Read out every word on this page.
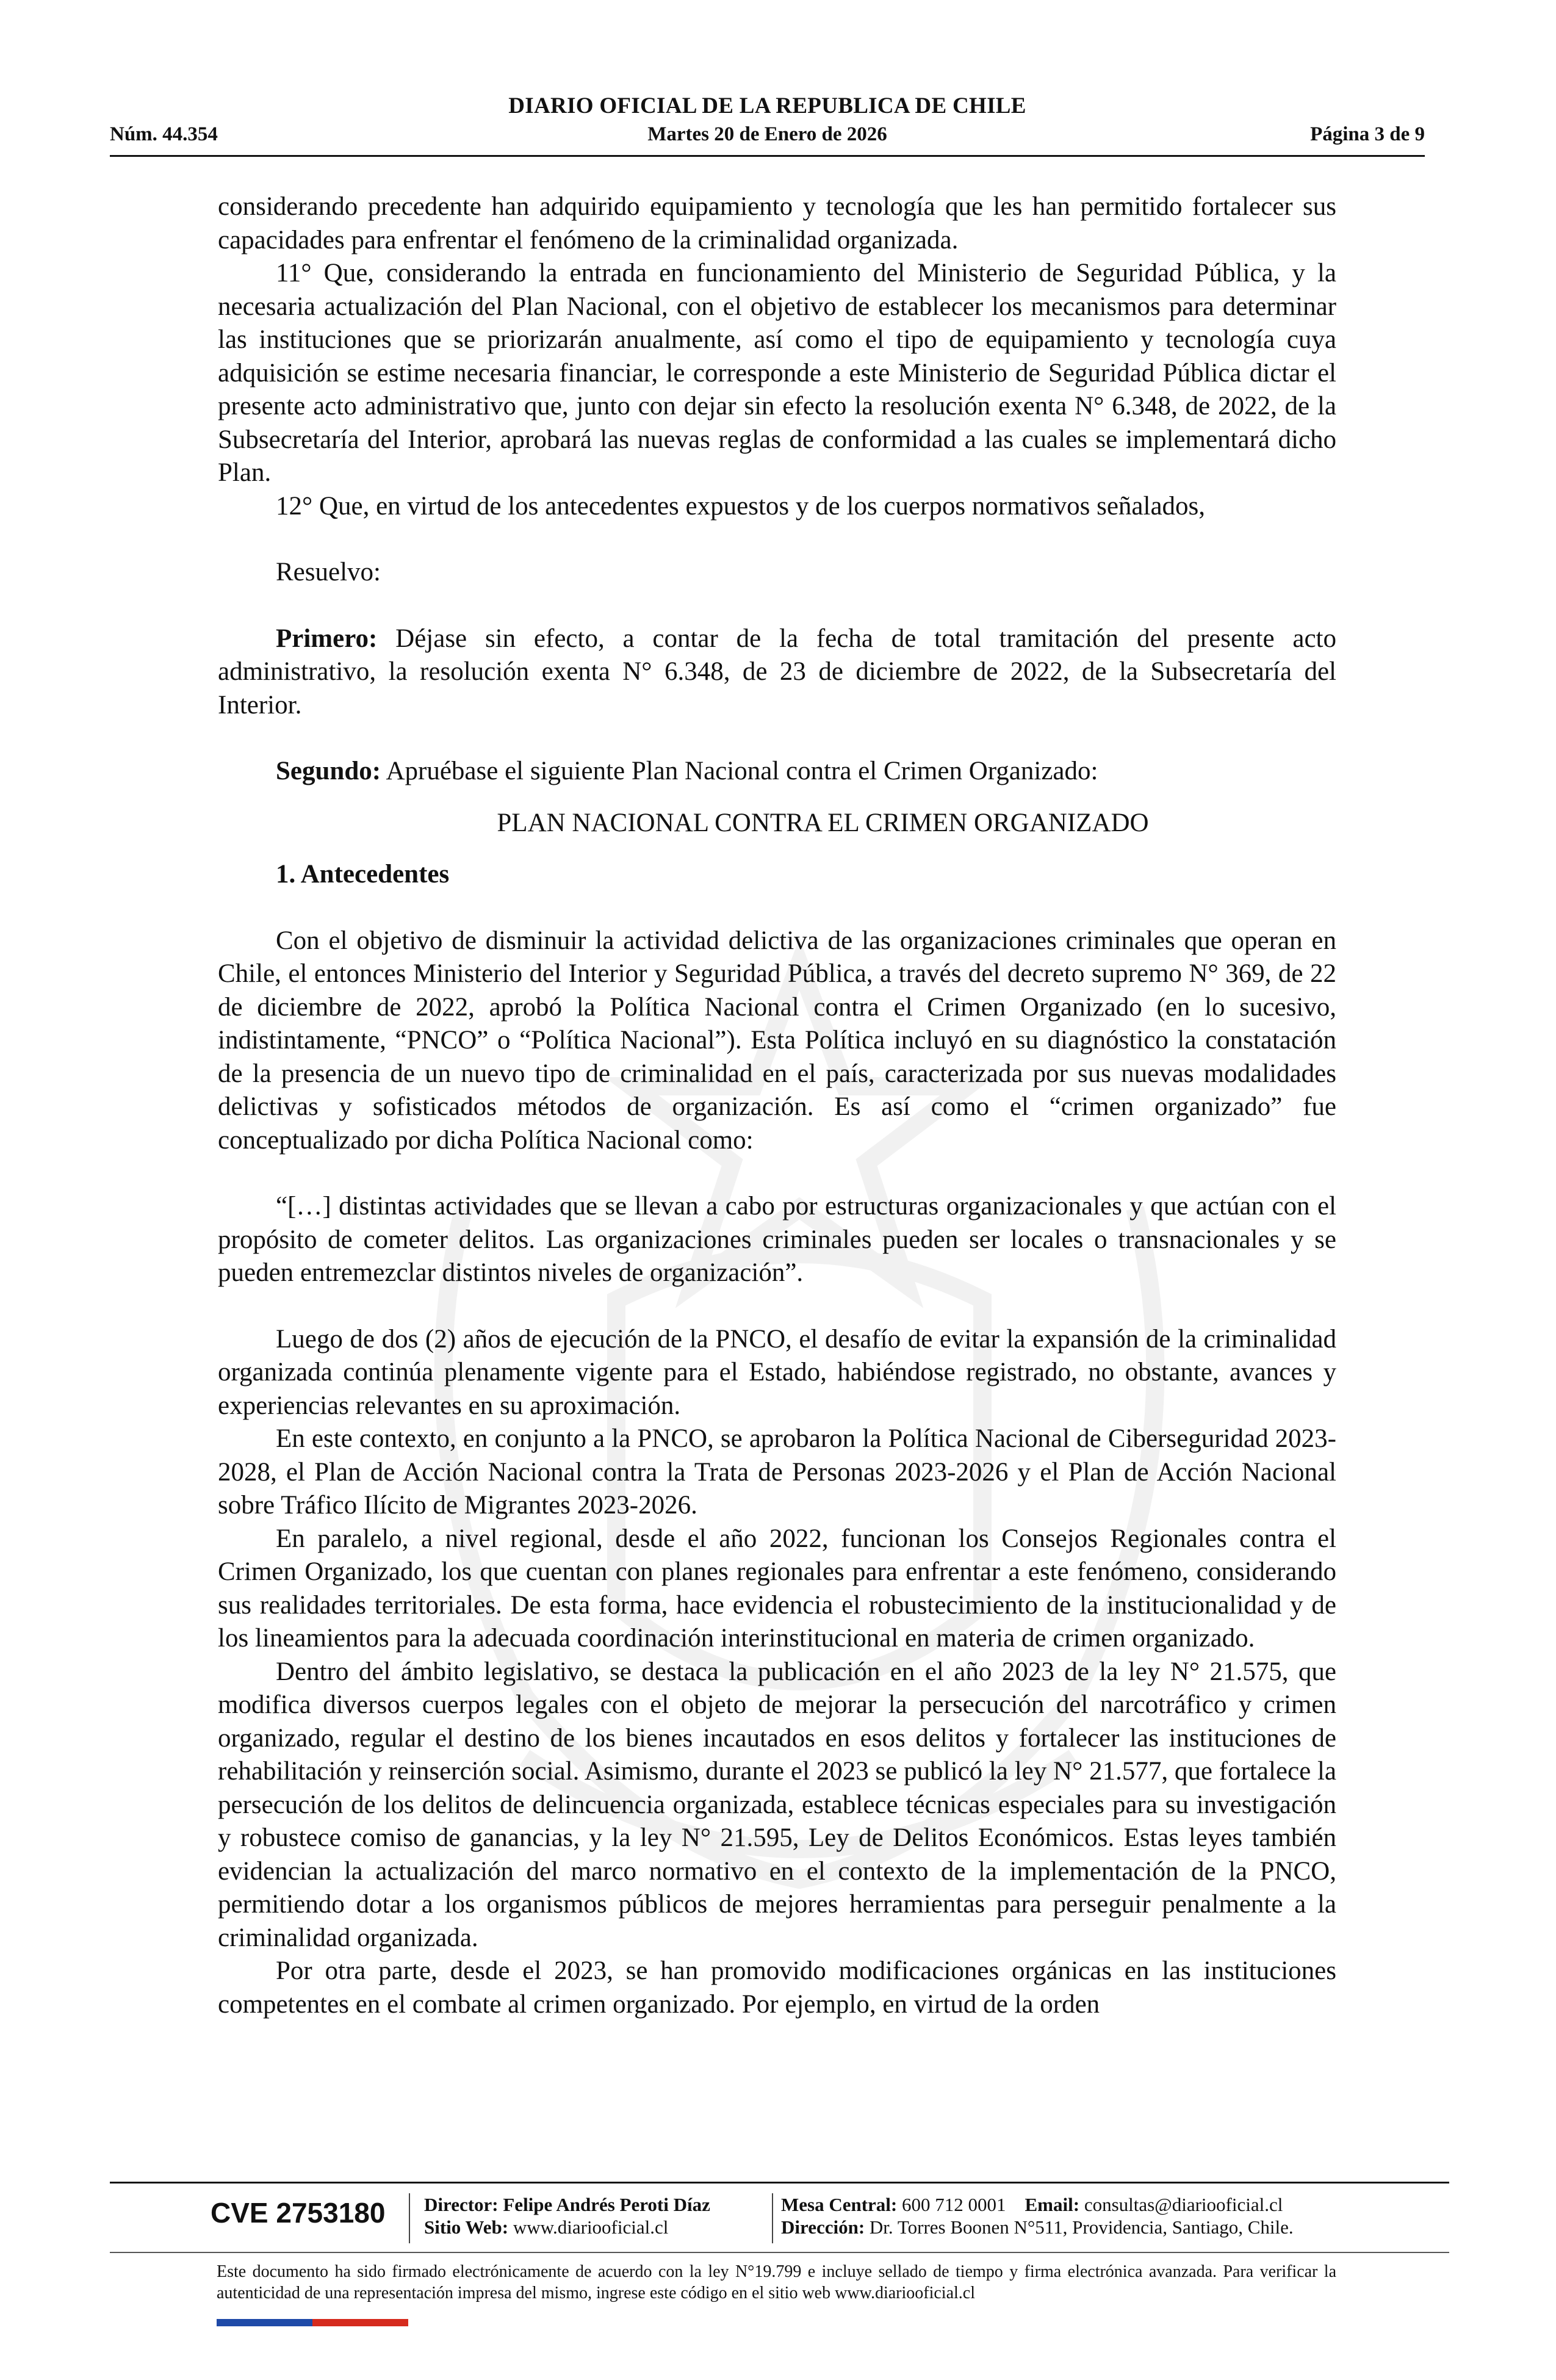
DIARIO OFICIAL DE LA REPUBLICA DE CHILE
Núm. 44.354	Martes 20 de Enero de 2026	Página 3 de 9

considerando precedente han adquirido equipamiento y tecnología que les han permitido fortalecer sus capacidades para enfrentar el fenómeno de la criminalidad organizada.

11° Que, considerando la entrada en funcionamiento del Ministerio de Seguridad Pública, y la necesaria actualización del Plan Nacional, con el objetivo de establecer los mecanismos para determinar las instituciones que se priorizarán anualmente, así como el tipo de equipamiento y tecnología cuya adquisición se estime necesaria financiar, le corresponde a este Ministerio de Seguridad Pública dictar el presente acto administrativo que, junto con dejar sin efecto la resolución exenta N° 6.348, de 2022, de la Subsecretaría del Interior, aprobará las nuevas reglas de conformidad a las cuales se implementará dicho Plan.

12° Que, en virtud de los antecedentes expuestos y de los cuerpos normativos señalados,

Resuelvo:

Primero: Déjase sin efecto, a contar de la fecha de total tramitación del presente acto administrativo, la resolución exenta N° 6.348, de 23 de diciembre de 2022, de la Subsecretaría del Interior.

Segundo: Apruébase el siguiente Plan Nacional contra el Crimen Organizado:

PLAN NACIONAL CONTRA EL CRIMEN ORGANIZADO

1. Antecedentes

Con el objetivo de disminuir la actividad delictiva de las organizaciones criminales que operan en Chile, el entonces Ministerio del Interior y Seguridad Pública, a través del decreto supremo N° 369, de 22 de diciembre de 2022, aprobó la Política Nacional contra el Crimen Organizado (en lo sucesivo, indistintamente, “PNCO” o “Política Nacional”). Esta Política incluyó en su diagnóstico la constatación de la presencia de un nuevo tipo de criminalidad en el país, caracterizada por sus nuevas modalidades delictivas y sofisticados métodos de organización. Es así como el “crimen organizado” fue conceptualizado por dicha Política Nacional como:

“[…] distintas actividades que se llevan a cabo por estructuras organizacionales y que actúan con el propósito de cometer delitos. Las organizaciones criminales pueden ser locales o transnacionales y se pueden entremezclar distintos niveles de organización”.

Luego de dos (2) años de ejecución de la PNCO, el desafío de evitar la expansión de la criminalidad organizada continúa plenamente vigente para el Estado, habiéndose registrado, no obstante, avances y experiencias relevantes en su aproximación.

En este contexto, en conjunto a la PNCO, se aprobaron la Política Nacional de Ciberseguridad 2023-2028, el Plan de Acción Nacional contra la Trata de Personas 2023-2026 y el Plan de Acción Nacional sobre Tráfico Ilícito de Migrantes 2023-2026.

En paralelo, a nivel regional, desde el año 2022, funcionan los Consejos Regionales contra el Crimen Organizado, los que cuentan con planes regionales para enfrentar a este fenómeno, considerando sus realidades territoriales. De esta forma, hace evidencia el robustecimiento de la institucionalidad y de los lineamientos para la adecuada coordinación interinstitucional en materia de crimen organizado.

Dentro del ámbito legislativo, se destaca la publicación en el año 2023 de la ley N° 21.575, que modifica diversos cuerpos legales con el objeto de mejorar la persecución del narcotráfico y crimen organizado, regular el destino de los bienes incautados en esos delitos y fortalecer las instituciones de rehabilitación y reinserción social. Asimismo, durante el 2023 se publicó la ley N° 21.577, que fortalece la persecución de los delitos de delincuencia organizada, establece técnicas especiales para su investigación y robustece comiso de ganancias, y la ley N° 21.595, Ley de Delitos Económicos. Estas leyes también evidencian la actualización del marco normativo en el contexto de la implementación de la PNCO, permitiendo dotar a los organismos públicos de mejores herramientas para perseguir penalmente a la criminalidad organizada.

Por otra parte, desde el 2023, se han promovido modificaciones orgánicas en las instituciones competentes en el combate al crimen organizado. Por ejemplo, en virtud de la orden

CVE 2753180 Director: Felipe Andrés Peroti Díaz
Sitio Web: www.diariooficial.cl
Mesa Central: 600 712 0001 Email: consultas@diariooficial.cl
Dirección: Dr. Torres Boonen N°511, Providencia, Santiago, Chile.
Este documento ha sido firmado electrónicamente de acuerdo con la ley N°19.799 e incluye sellado de tiempo y firma electrónica avanzada. Para verificar la autenticidad de una representación impresa del mismo, ingrese este código en el sitio web www.diariooficial.cl
